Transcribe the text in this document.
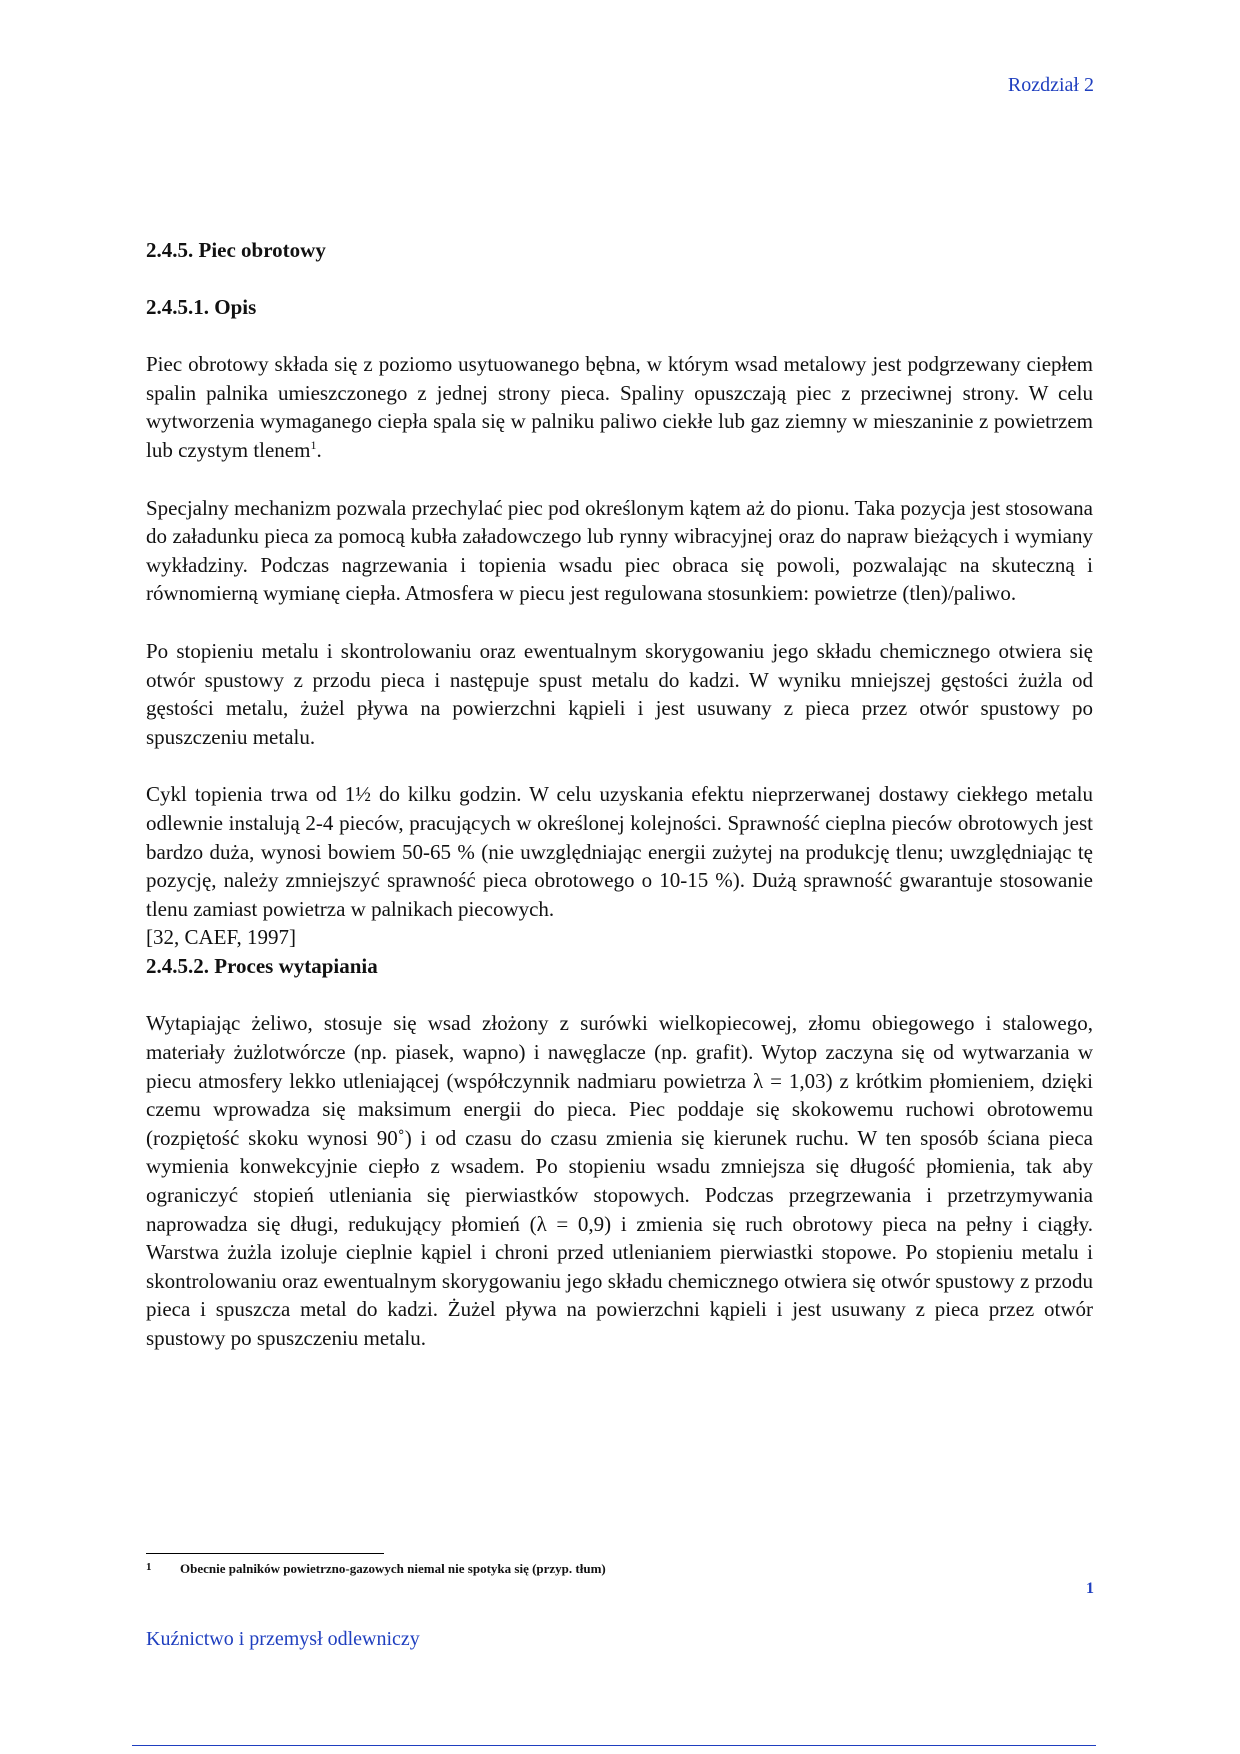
Rozdział 2
2.4.5. Piec obrotowy
2.4.5.1. Opis

Piec obrotowy składa się z poziomo usytuowanego bębna, w którym wsad metalowy jest podgrzewany ciepłem spalin palnika umieszczonego z jednej strony pieca. Spaliny opuszczają piec z przeciwnej strony. W celu wytworzenia wymaganego ciepła spala się w palniku paliwo ciekłe lub gaz ziemny w mieszaninie z powietrzem lub czystym tlenem$^1$.

Specjalny mechanizm pozwala przechylać piec pod określonym kątem aż do pionu. Taka pozycja jest stosowana do załadunku pieca za pomocą kubła załadowczego lub rynny wibracyjnej oraz do napraw bieżących i wymiany wykładziny. Podczas nagrzewania i topienia wsadu piec obraca się powoli, pozwalając na skuteczną i równomierną wymianę ciepła. Atmosfera w piecu jest regulowana stosunkiem: powietrze (tlen)/paliwo.

Po stopieniu metalu i skontrolowaniu oraz ewentualnym skorygowaniu jego składu chemicznego otwiera się otwór spustowy z przodu pieca i następuje spust metalu do kadzi. W wyniku mniejszej gęstości żużla od gęstości metalu, żużel pływa na powierzchni kąpieli i jest usuwany z pieca przez otwór spustowy po spuszczeniu metalu.

Cykl topienia trwa od 1½ do kilku godzin. W celu uzyskania efektu nieprzerwanej dostawy ciekłego metalu odlewnie instalują 2-4 pieców, pracujących w określonej kolejności. Sprawność cieplna pieców obrotowych jest bardzo duża, wynosi bowiem 50-65 % (nie uwzględniając energii zużytej na produkcję tlenu; uwzględniając tę pozycję, należy zmniejszyć sprawność pieca obrotowego o 10-15 %). Dużą sprawność gwarantuje stosowanie tlenu zamiast powietrza w palnikach piecowych.

[32, CAEF, 1997]

2.4.5.2. Proces wytapiania

Wytapiając żeliwo, stosuje się wsad złożony z surówki wielkopiecowej, złomu obiegowego i stalowego, materiały żużlotwórcze (np. piasek, wapno) i nawęglacze (np. grafit). Wytop zaczyna się od wytwarzania w piecu atmosfery lekko utleniającej (współczynnik nadmiaru powietrza λ = 1,03) z krótkim płomieniem, dzięki czemu wprowadza się maksimum energii do pieca. Piec poddaje się skokowemu ruchowi obrotowemu (rozpiętość skoku wynosi 90˚) i od czasu do czasu zmienia się kierunek ruchu. W ten sposób ściana pieca wymienia konwekcyjnie ciepło z wsadem. Po stopieniu wsadu zmniejsza się długość płomienia, tak aby ograniczyć stopień utleniania się pierwiastków stopowych. Podczas przegrzewania i przetrzymywania naprowadza się długi, redukujący płomień (λ = 0,9) i zmienia się ruch obrotowy pieca na pełny i ciągły. Warstwa żużla izoluje cieplnie kąpiel i chroni przed utlenianiem pierwiastki stopowe. Po stopieniu metalu i skontrolowaniu oraz ewentualnym skorygowaniu jego składu chemicznego otwiera się otwór spustowy z przodu pieca i spuszcza metal do kadzi. Żużel pływa na powierzchni kąpieli i jest usuwany z pieca przez otwór spustowy po spuszczeniu metalu.

1 Obecnie palników powietrzno-gazowych niemal nie spotyka się (przyp. tłum)
1
Kuźnictwo i przemysł odlewniczy
